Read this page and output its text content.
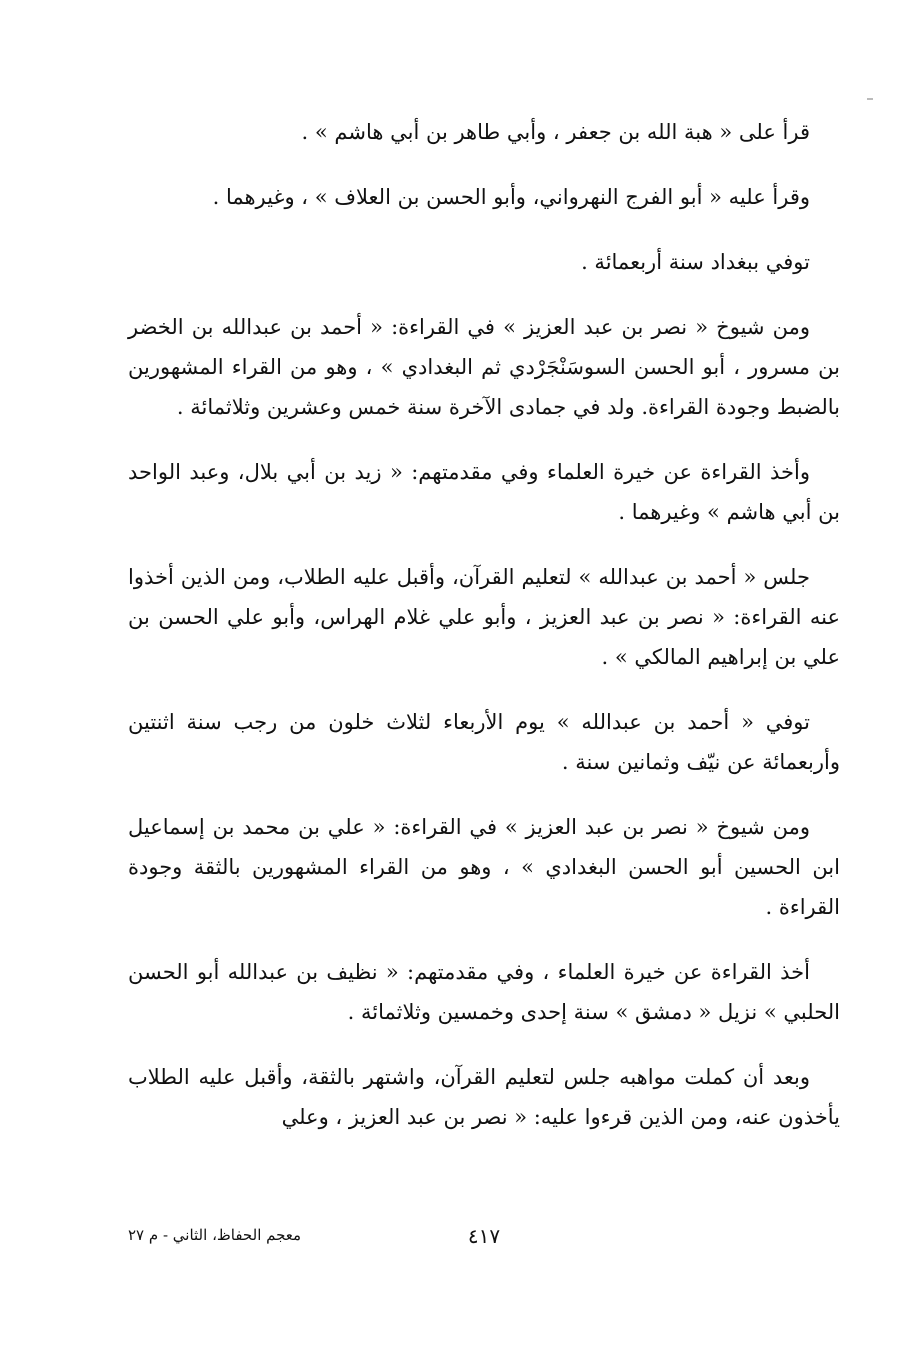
قرأ على « هبة الله بن جعفر ، وأبي طاهر بن أبي هاشم » .

وقرأ عليه « أبو الفرج النهرواني، وأبو الحسن بن العلاف » ، وغيرهما .

توفي ببغداد سنة أربعمائة .

ومن شيوخ « نصر بن عبد العزيز » في القراءة: « أحمد بن عبدالله بن الخضر بن مسرور ، أبو الحسن السوسَنْجَرْدي ثم البغدادي » ، وهو من القراء المشهورين بالضبط وجودة القراءة. ولد في جمادى الآخرة سنة خمس وعشرين وثلاثمائة .

وأخذ القراءة عن خيرة العلماء وفي مقدمتهم: « زيد بن أبي بلال، وعبد الواحد بن أبي هاشم » وغيرهما .

جلس « أحمد بن عبدالله » لتعليم القرآن، وأقبل عليه الطلاب، ومن الذين أخذوا عنه القراءة: « نصر بن عبد العزيز ، وأبو علي غلام الهراس، وأبو علي الحسن بن علي بن إبراهيم المالكي » .

توفي « أحمد بن عبدالله » يوم الأربعاء لثلاث خلون من رجب سنة اثنتين وأربعمائة عن نيّف وثمانين سنة .

ومن شيوخ « نصر بن عبد العزيز » في القراءة: « علي بن محمد بن إسماعيل ابن الحسين أبو الحسن البغدادي » ، وهو من القراء المشهورين بالثقة وجودة القراءة .

أخذ القراءة عن خيرة العلماء ، وفي مقدمتهم: « نظيف بن عبدالله أبو الحسن الحلبي » نزيل « دمشق » سنة إحدى وخمسين وثلاثمائة .

وبعد أن كملت مواهبه جلس لتعليم القرآن، واشتهر بالثقة، وأقبل عليه الطلاب يأخذون عنه، ومن الذين قرءوا عليه: « نصر بن عبد العزيز ، وعلي

٤١٧
معجم الحفاظ، الثاني - م ٢٧
